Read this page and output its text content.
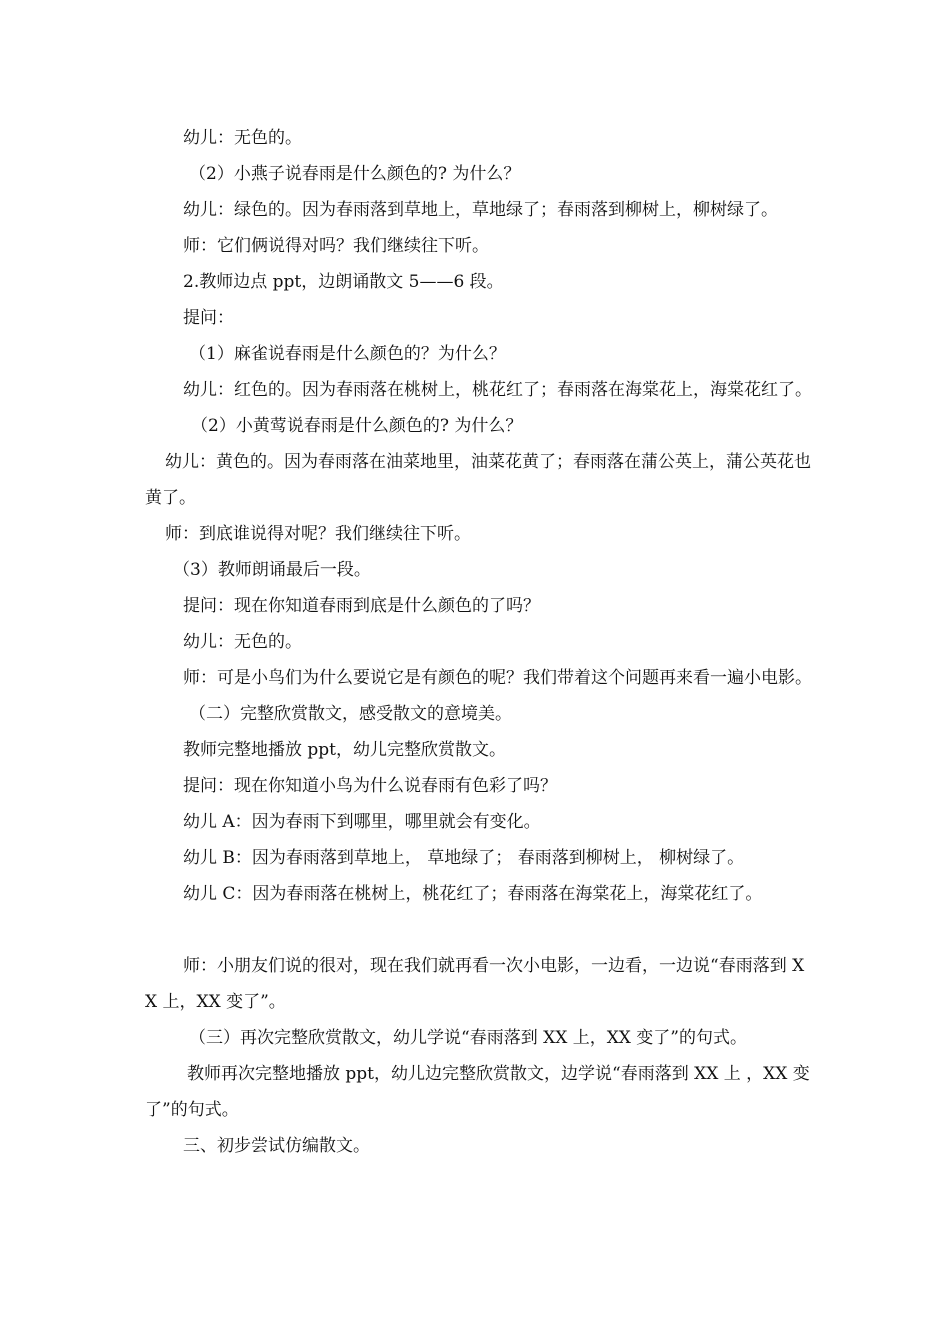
幼儿：无色的。

（2）小燕子说春雨是什么颜色的? 为什么？

幼儿：绿色的。因为春雨落到草地上，草地绿了；春雨落到柳树上，柳树绿了。

师：它们俩说得对吗？我们继续往下听。

2.教师边点 ppt，边朗诵散文 5——6 段。

提问：

（1）麻雀说春雨是什么颜色的？为什么？

幼儿：红色的。因为春雨落在桃树上，桃花红了；春雨落在海棠花上，海棠花红了。

（2）小黄莺说春雨是什么颜色的? 为什么？

幼儿：黄色的。因为春雨落在油菜地里，油菜花黄了；春雨落在蒲公英上，蒲公英花也黄了。

师：到底谁说得对呢？我们继续往下听。

（3）教师朗诵最后一段。

提问：现在你知道春雨到底是什么颜色的了吗？

幼儿：无色的。

师：可是小鸟们为什么要说它是有颜色的呢？我们带着这个问题再来看一遍小电影。

（二）完整欣赏散文，感受散文的意境美。

教师完整地播放 ppt，幼儿完整欣赏散文。

提问：现在你知道小鸟为什么说春雨有色彩了吗？

幼儿 A：因为春雨下到哪里，哪里就会有变化。

幼儿 B：因为春雨落到草地上， 草地绿了； 春雨落到柳树上， 柳树绿了。

幼儿 C：因为春雨落在桃树上，桃花红了；春雨落在海棠花上，海棠花红了。

师：小朋友们说的很对，现在我们就再看一次小电影，一边看，一边说“春雨落到 XX 上，XX 变了”。

（三）再次完整欣赏散文，幼儿学说“春雨落到 XX 上，XX 变了”的句式。

教师再次完整地播放 ppt，幼儿边完整欣赏散文，边学说“春雨落到 XX 上 ，XX 变了”的句式。

三、初步尝试仿编散文。
